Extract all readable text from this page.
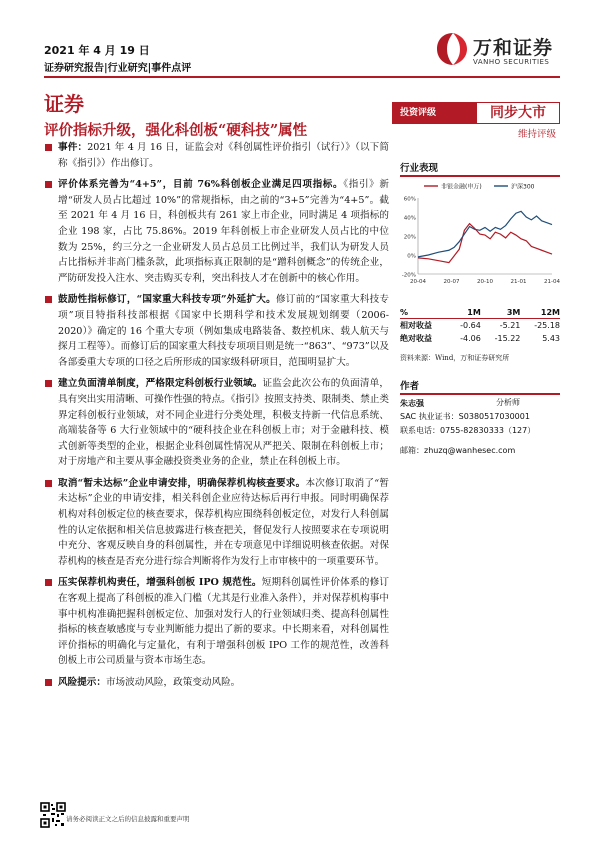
2021 年 4 月 19 日
证券研究报告|行业研究|事件点评
万和证券
VANHO SECURITIES
证券
评价指标升级，强化科创板“硬科技”属性
事件：2021 年 4 月 16 日，证监会对《科创属性评价指引（试行）》（以下简称《指引》）作出修订。
评价体系完善为“4+5”，目前 76%科创板企业满足四项指标。《指引》新增“研发人员占比超过 10%”的常规指标，由之前的“3+5”完善为“4+5”。截至 2021 年 4 月 16 日，科创板共有 261 家上市企业，同时满足 4 项指标的企业 198 家，占比 75.86%。2019 年科创板上市企业研发人员占比的中位数为 25%，约三分之一企业研发人员占总员工比例过半，我们认为研发人员占比指标并非高门槛条款，此项指标真正限制的是“蹭科创概念”的传统企业，严防研发投入注水、突击购买专利，突出科技人才在创新中的核心作用。
鼓励性指标修订，“国家重大科技专项”外延扩大。修订前的“国家重大科技专项”项目特指科技部根据《国家中长期科学和技术发展规划纲要（2006-2020）》确定的 16 个重大专项（例如集成电路装备、数控机床、载人航天与探月工程等）。而修订后的国家重大科技专项项目则是统一“863”、“973”以及各部委重大专项的口径之后所形成的国家级科研项目，范围明显扩大。
建立负面清单制度，严格限定科创板行业领域。证监会此次公布的负面清单，具有突出实用清晰、可操作性强的特点。《指引》按照支持类、限制类、禁止类界定科创板行业领域，对不同企业进行分类处理，积极支持新一代信息系统、高端装备等 6 大行业领域中的“硬科技企业在科创板上市；对于金融科技、模式创新等类型的企业，根据企业科创属性情况从严把关、限制在科创板上市；对于房地产和主要从事金融投资类业务的企业，禁止在科创板上市。
取消“暂未达标”企业申请安排，明确保荐机构核查要求。本次修订取消了“暂未达标”企业的申请安排，相关科创企业应待达标后再行申报。同时明确保荐机构对科创板定位的核查要求，保荐机构应围绕科创板定位，对发行人科创属性的认定依据和相关信息披露进行核查把关，督促发行人按照要求在专项说明中充分、客观反映自身的科创属性，并在专项意见中详细说明核查依据。对保荐机构的核查是否充分进行综合判断将作为发行上市审核中的一项重要环节。
压实保荐机构责任，增强科创板 IPO 规范性。短期科创属性评价体系的修订在客观上提高了科创板的准入门槛（尤其是行业准入条件），并对保荐机构事中事中机构准确把握科创板定位、加强对发行人的行业领域归类、提高科创属性指标的核查敏感度与专业判断能力提出了新的要求。中长期来看，对科创属性评价指标的明确化与定量化，有利于增强科创板 IPO 工作的规范性，改善科创板上市公司质量与资本市场生态。
风险提示：市场波动风险，政策变动风险。
投资评级	同步大市
维持评级
行业表现
60%
40%
20%
0%
-20%
20-04	20-07	20-10	21-01	21-04
非银金融(申万)	沪深300
%	1M	3M	12M
相对收益	-0.64	-5.21	-25.18
绝对收益	-4.06	-15.22	5.43
资料来源：Wind，万和证券研究所
作者
朱志强	分析师
SAC 执业证书：S0380517030001
联系电话：0755-82830333（127）
邮箱：zhuzq@wanhesec.com
请务必阅读正文之后的信息披露和重要声明
